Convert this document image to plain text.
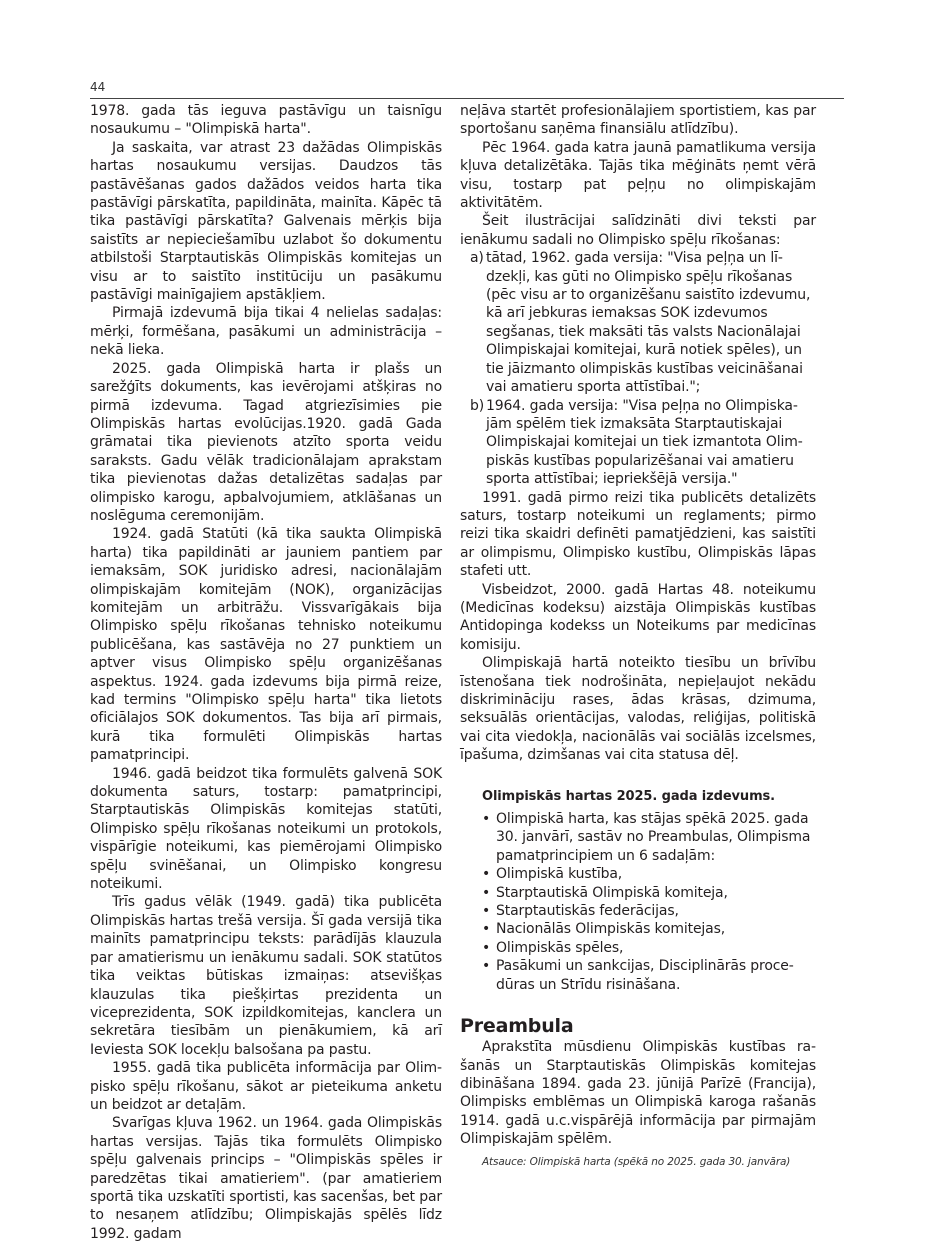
44

1978. gada tās ieguva pastāvīgu un taisnīgu nosaukumu – "Olimpiskā harta".

Ja saskaita, var atrast 23 dažādas Olimpiskās hartas nosaukumu versijas. Daudzos tās pastāvēšanas gados dažādos veidos harta tika pastāvīgi pārskatīta, papildināta, mainīta. Kāpēc tā tika pastāvīgi pārskatīta? Galvenais mērķis bija saistīts ar nepieciešamību uzlabot šo dokumentu atbilstoši Starptautiskās Olimpiskās komitejas un visu ar to saistīto institūciju un pasākumu pastāvīgi mainīgajiem apstākļiem.

Pirmajā izdevumā bija tikai 4 nelielas sadaļas: mērķi, formēšana, pasākumi un administrācija – nekā lieka.

2025. gada Olimpiskā harta ir plašs un sarežģīts dokuments, kas ievērojami atšķiras no pirmā izdevuma. Tagad atgriezīsimies pie Olimpiskās hartas evolūcijas.1920. gadā Gada grāmatai tika pievienots atzīto sporta veidu saraksts. Gadu vēlāk tradicionālajam aprakstam tika pievienotas dažas detalizētas sadaļas par olimpisko karogu, apbalvojumiem, atklāšanas un noslēguma ceremonijām.

1924. gadā Statūti (kā tika saukta Olimpiskā harta) tika papildināti ar jauniem pantiem par iemaksām, SOK juridisko adresi, nacionālajām olimpiskajām komitejām (NOK), organizācijas komitejām un arbitrāžu. Vissvarīgākais bija Olimpisko spēļu rīkošanas tehnisko noteikumu publicēšana, kas sastāvēja no 27 punktiem un aptver visus Olimpisko spēļu organizēšanas aspektus. 1924. gada izdevums bija pirmā reize, kad termins "Olimpisko spēļu harta" tika lietots oficiālajos SOK dokumentos. Tas bija arī pirmais, kurā tika formulēti Olimpiskās hartas pamatprincipi.

1946. gadā beidzot tika formulēts galvenā SOK dokumenta saturs, tostarp: pamatprincipi, Starptautiskās Olimpiskās komitejas statūti, Olimpisko spēļu rīkošanas noteikumi un protokols, vispārīgie noteikumi, kas piemērojami Olimpisko spēļu svinēšanai, un Olimpisko kongresu noteikumi.

Trīs gadus vēlāk (1949. gadā) tika publicēta Olimpiskās hartas trešā versija. Šī gada versijā tika mainīts pamatprincipu teksts: parādījās klauzula par amatierismu un ienākumu sadali. SOK statūtos tika veiktas būtiskas izmaiņas: atsevišķas klauzulas tika piešķirtas prezidenta un viceprezidenta, SOK izpildkomitejas, kanclera un sekretāra tiesībām un pienākumiem, kā arī Ieviesta SOK locekļu balsošana pa pastu.

1955. gadā tika publicēta informācija par Olimpisko spēļu rīkošanu, sākot ar pieteikuma anketu un beidzot ar detaļām.

Svarīgas kļuva 1962. un 1964. gada Olimpiskās hartas versijas. Tajās tika formulēts Olimpisko spēļu galvenais princips – "Olimpiskās spēles ir paredzētas tikai amatieriem". (par amatieriem sportā tika uzskatīti sportisti, kas sacenšas, bet par to nesaņem atlīdzību; Olimpiskajās spēlēs līdz 1992. gadam

neļāva startēt profesionālajiem sportistiem, kas par sportošanu saņēma finansiālu atlīdzību).

Pēc 1964. gada katra jaunā pamatlikuma versija kļuva detalizētāka. Tajās tika mēģināts ņemt vērā visu, tostarp pat peļņu no olimpiskajām aktivitātēm.

Šeit ilustrācijai salīdzināti divi teksti par ienākumu sadali no Olimpisko spēļu rīkošanas:

a) tātad, 1962. gada versija: "Visa peļņa un līdzekļi, kas gūti no Olimpisko spēļu rīkošanas (pēc visu ar to organizēšanu saistīto izdevumu, kā arī jebkuras iemaksas SOK izdevumos segšanas, tiek maksāti tās valsts Nacionālajai Olimpiskajai komitejai, kurā notiek spēles), un tie jāizmanto olimpiskās kustības veicināšanai vai amatieru sporta attīstībai.";
b) 1964. gada versija: "Visa peļņa no Olimpiskajām spēlēm tiek izmaksāta Starptautiskajai Olimpiskajai komitejai un tiek izmantota Olimpiskās kustības popularizēšanai vai amatieru sporta attīstībai; iepriekšējā versija."

1991. gadā pirmo reizi tika publicēts detalizēts saturs, tostarp noteikumi un reglaments; pirmo reizi tika skaidri definēti pamatjēdzieni, kas saistīti ar olimpismu, Olimpisko kustību, Olimpiskās lāpas stafeti utt.

Visbeidzot, 2000. gadā Hartas 48. noteikumu (Medicīnas kodeksu) aizstāja Olimpiskās kustības Antidopinga kodekss un Noteikums par medicīnas komisiju.

Olimpiskajā hartā noteikto tiesību un brīvību īstenošana tiek nodrošināta, nepieļaujot nekādu diskrimināciju rases, ādas krāsas, dzimuma, seksuālās orientācijas, valodas, reliģijas, politiskā vai cita viedokļa, nacionālās vai sociālās izcelsmes, īpašuma, dzimšanas vai cita statusa dēļ.

Olimpiskās hartas 2025. gada izdevums.

• Olimpiskā harta, kas stājas spēkā 2025. gada 30. janvārī, sastāv no Preambulas, Olimpisma pamatprincipiem un 6 sadaļām:
• Olimpiskā kustība,
• Starptautiskā Olimpiskā komiteja,
• Starptautiskās federācijas,
• Nacionālās Olimpiskās komitejas,
• Olimpiskās spēles,
• Pasākumi un sankcijas, Disciplinārās procedūras un Strīdu risināšana.
Preambula

Aprakstīta mūsdienu Olimpiskās kustības rašanās un Starptautiskās Olimpiskās komitejas dibināšana 1894. gada 23. jūnijā Parīzē (Francija), Olimpisks emblēmas un Olimpiskā karoga rašanās 1914. gadā u.c.vispārējā informācija par pirmajām Olimpiskajām spēlēm.

Atsauce: Olimpiskā harta (spēkā no 2025. gada 30. janvāra)
